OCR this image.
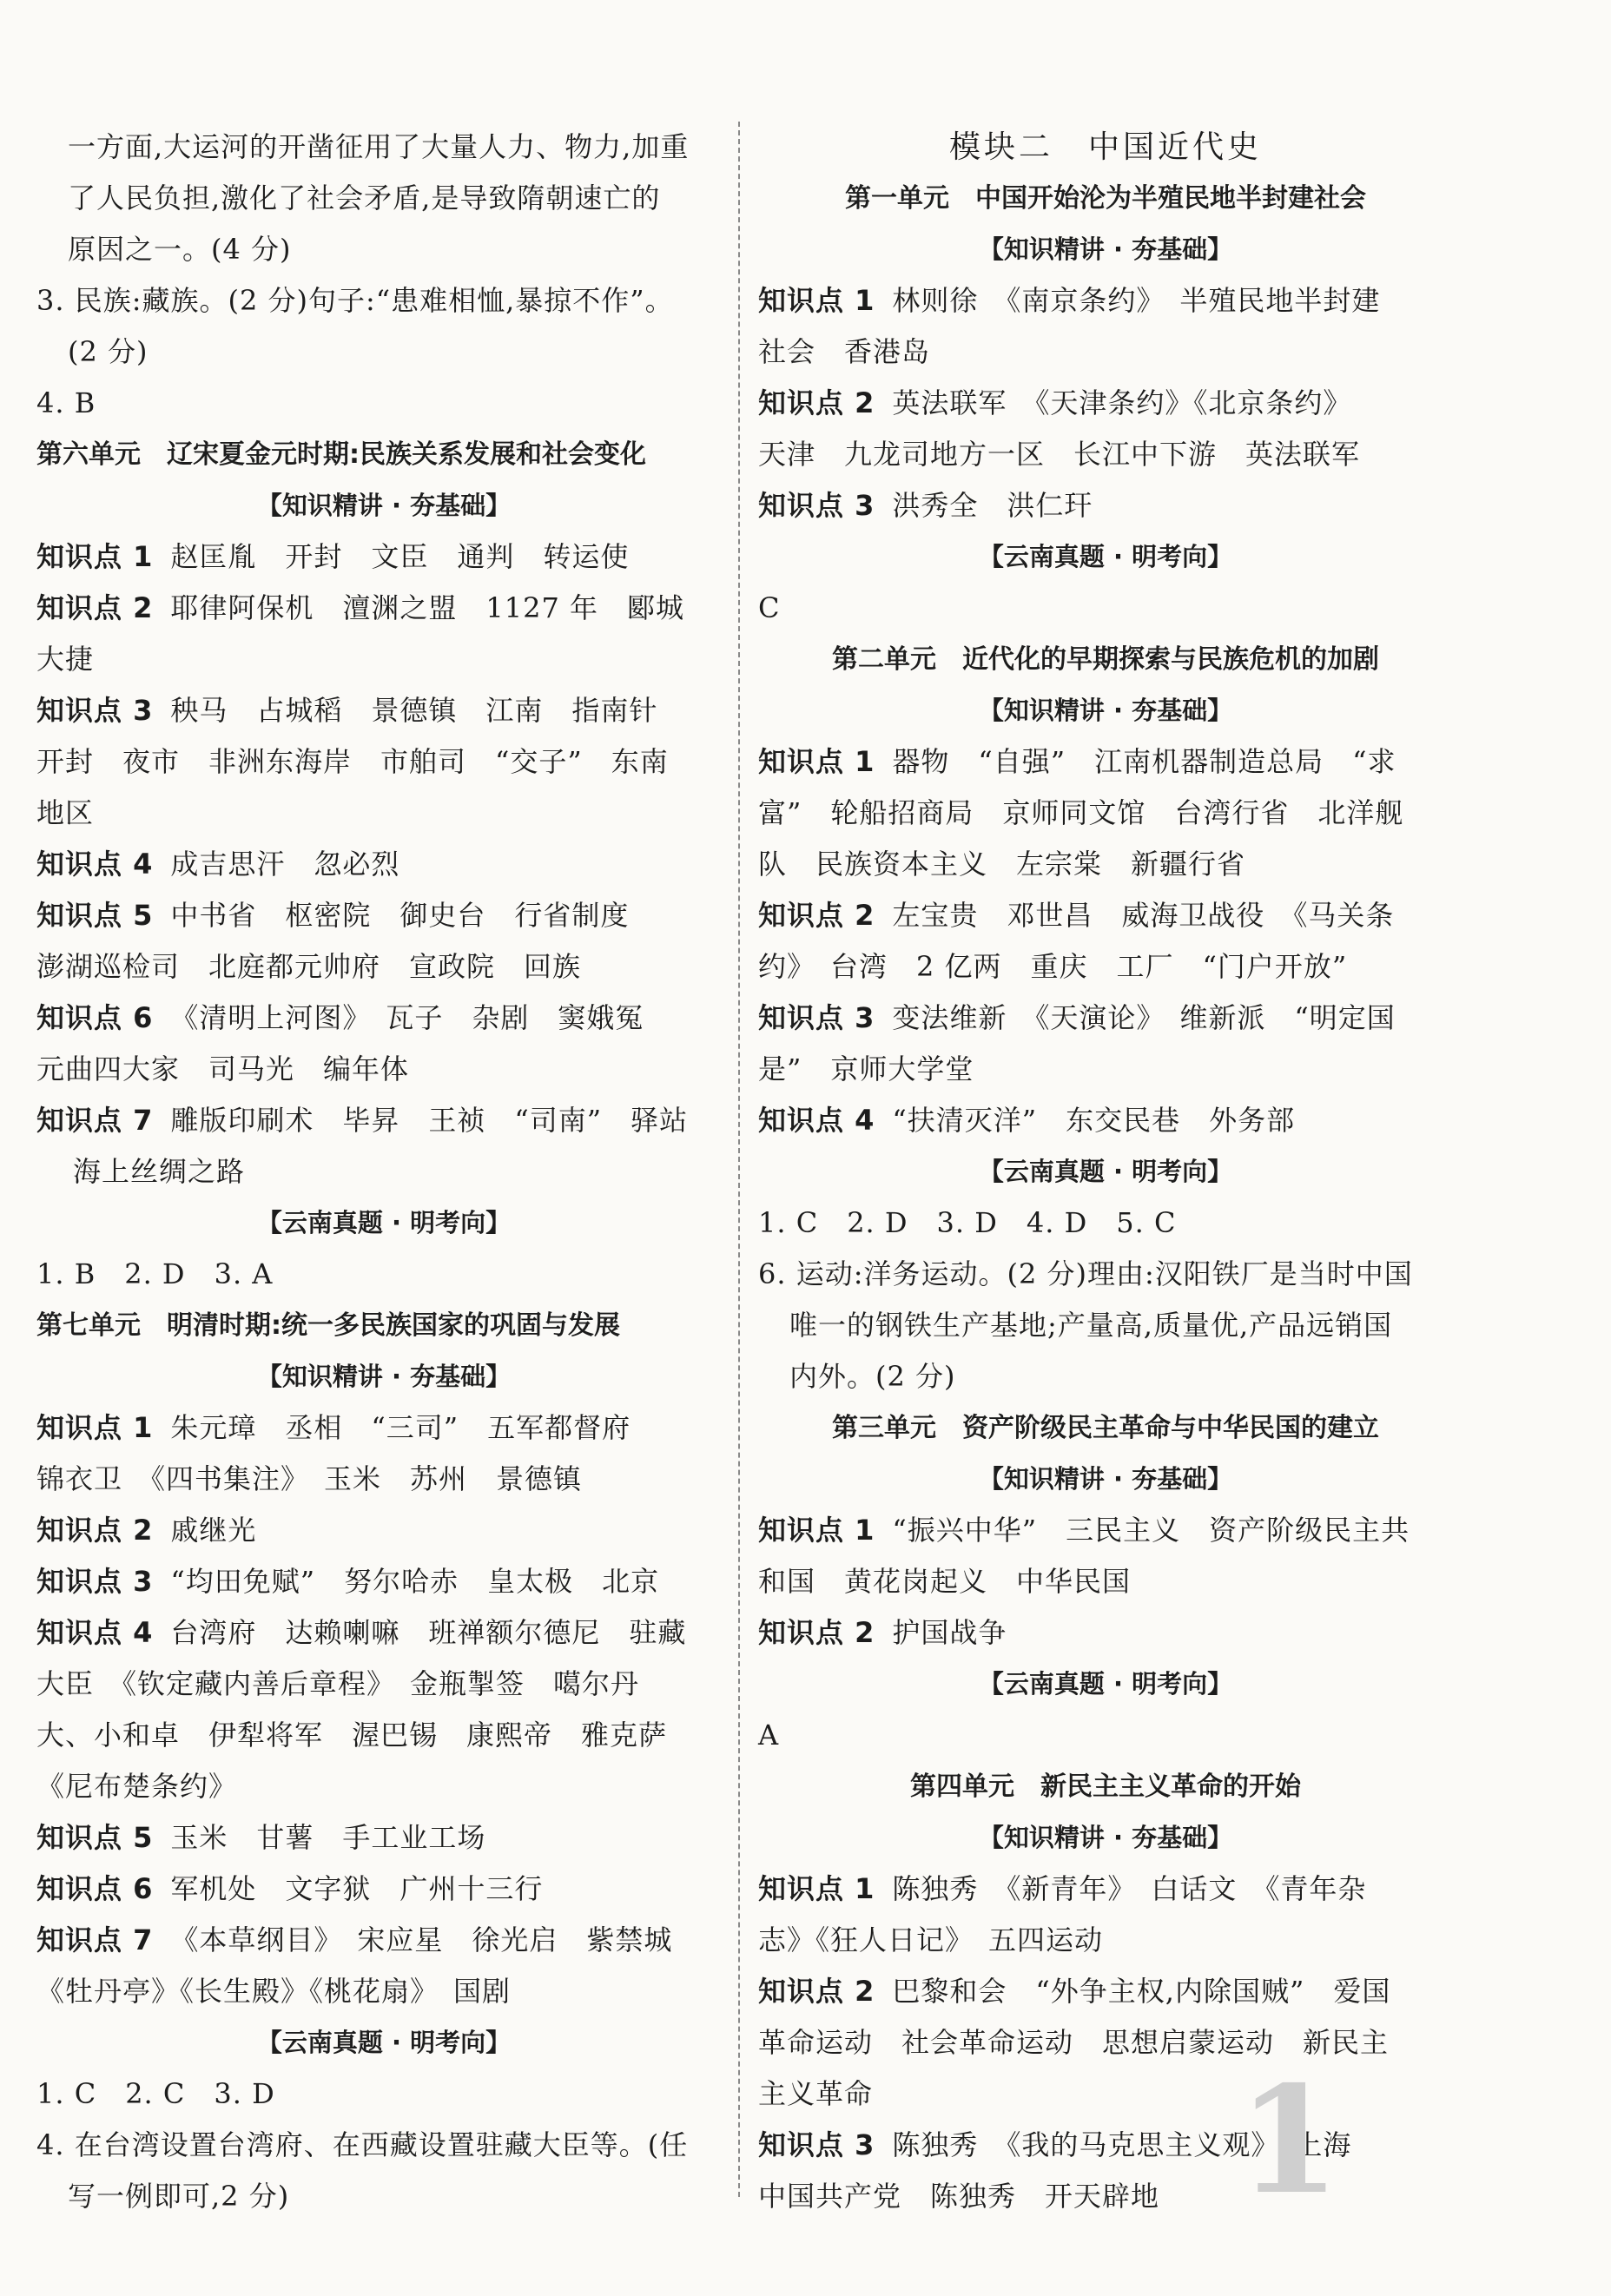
一方面,大运河的开凿征用了大量人力、物力,加重
了人民负担,激化了社会矛盾,是导致隋朝速亡的
原因之一。(4 分)
3. 民族:藏族。(2 分)句子:“患难相恤,暴掠不作”。
(2 分)
4. B
第六单元　辽宋夏金元时期:民族关系发展和社会变化
【知识精讲 · 夯基础】
知识点 1 赵匡胤　开封　文臣　通判　转运使
知识点 2 耶律阿保机　澶渊之盟　1127 年　郾城
大捷
知识点 3 秧马　占城稻　景德镇　江南　指南针
开封　夜市　非洲东海岸　市舶司　“交子”　东南
地区
知识点 4 成吉思汗　忽必烈
知识点 5 中书省　枢密院　御史台　行省制度
澎湖巡检司　北庭都元帅府　宣政院　回族
知识点 6 《清明上河图》　瓦子　杂剧　窦娥冤
元曲四大家　司马光　编年体
知识点 7 雕版印刷术　毕昇　王祯　“司南”　驿站
海上丝绸之路
【云南真题 · 明考向】
1. B　2. D　3. A
第七单元　明清时期:统一多民族国家的巩固与发展
【知识精讲 · 夯基础】
知识点 1 朱元璋　丞相　“三司”　五军都督府
锦衣卫　《四书集注》　玉米　苏州　景德镇
知识点 2 戚继光
知识点 3 “均田免赋”　努尔哈赤　皇太极　北京
知识点 4 台湾府　达赖喇嘛　班禅额尔德尼　驻藏
大臣　《钦定藏内善后章程》　金瓶掣签　噶尔丹
大、小和卓　伊犁将军　渥巴锡　康熙帝　雅克萨
《尼布楚条约》
知识点 5 玉米　甘薯　手工业工场
知识点 6 军机处　文字狱　广州十三行
知识点 7 《本草纲目》　宋应星　徐光启　紫禁城
《牡丹亭》《长生殿》《桃花扇》　国剧
【云南真题 · 明考向】
1. C　2. C　3. D
4. 在台湾设置台湾府、在西藏设置驻藏大臣等。(任
写一例即可,2 分)
模块二　中国近代史
第一单元　中国开始沦为半殖民地半封建社会
【知识精讲 · 夯基础】
知识点 1 林则徐　《南京条约》　半殖民地半封建
社会　香港岛
知识点 2 英法联军　《天津条约》《北京条约》
天津　九龙司地方一区　长江中下游　英法联军
知识点 3 洪秀全　洪仁玕
【云南真题 · 明考向】
C
第二单元　近代化的早期探索与民族危机的加剧
【知识精讲 · 夯基础】
知识点 1 器物　“自强”　江南机器制造总局　“求
富”　轮船招商局　京师同文馆　台湾行省　北洋舰
队　民族资本主义　左宗棠　新疆行省
知识点 2 左宝贵　邓世昌　威海卫战役　《马关条
约》　台湾　2 亿两　重庆　工厂　“门户开放”
知识点 3 变法维新　《天演论》　维新派　“明定国
是”　京师大学堂
知识点 4 “扶清灭洋”　东交民巷　外务部
【云南真题 · 明考向】
1. C　2. D　3. D　4. D　5. C
6. 运动:洋务运动。(2 分)理由:汉阳铁厂是当时中国
唯一的钢铁生产基地;产量高,质量优,产品远销国
内外。(2 分)
第三单元　资产阶级民主革命与中华民国的建立
【知识精讲 · 夯基础】
知识点 1 “振兴中华”　三民主义　资产阶级民主共
和国　黄花岗起义　中华民国
知识点 2 护国战争
【云南真题 · 明考向】
A
第四单元　新民主主义革命的开始
【知识精讲 · 夯基础】
知识点 1 陈独秀　《新青年》　白话文　《青年杂
志》《狂人日记》　五四运动
知识点 2 巴黎和会　“外争主权,内除国贼”　爱国
革命运动　社会革命运动　思想启蒙运动　新民主
主义革命
知识点 3 陈独秀　《我的马克思主义观》　上海
中国共产党　陈独秀　开天辟地 1
